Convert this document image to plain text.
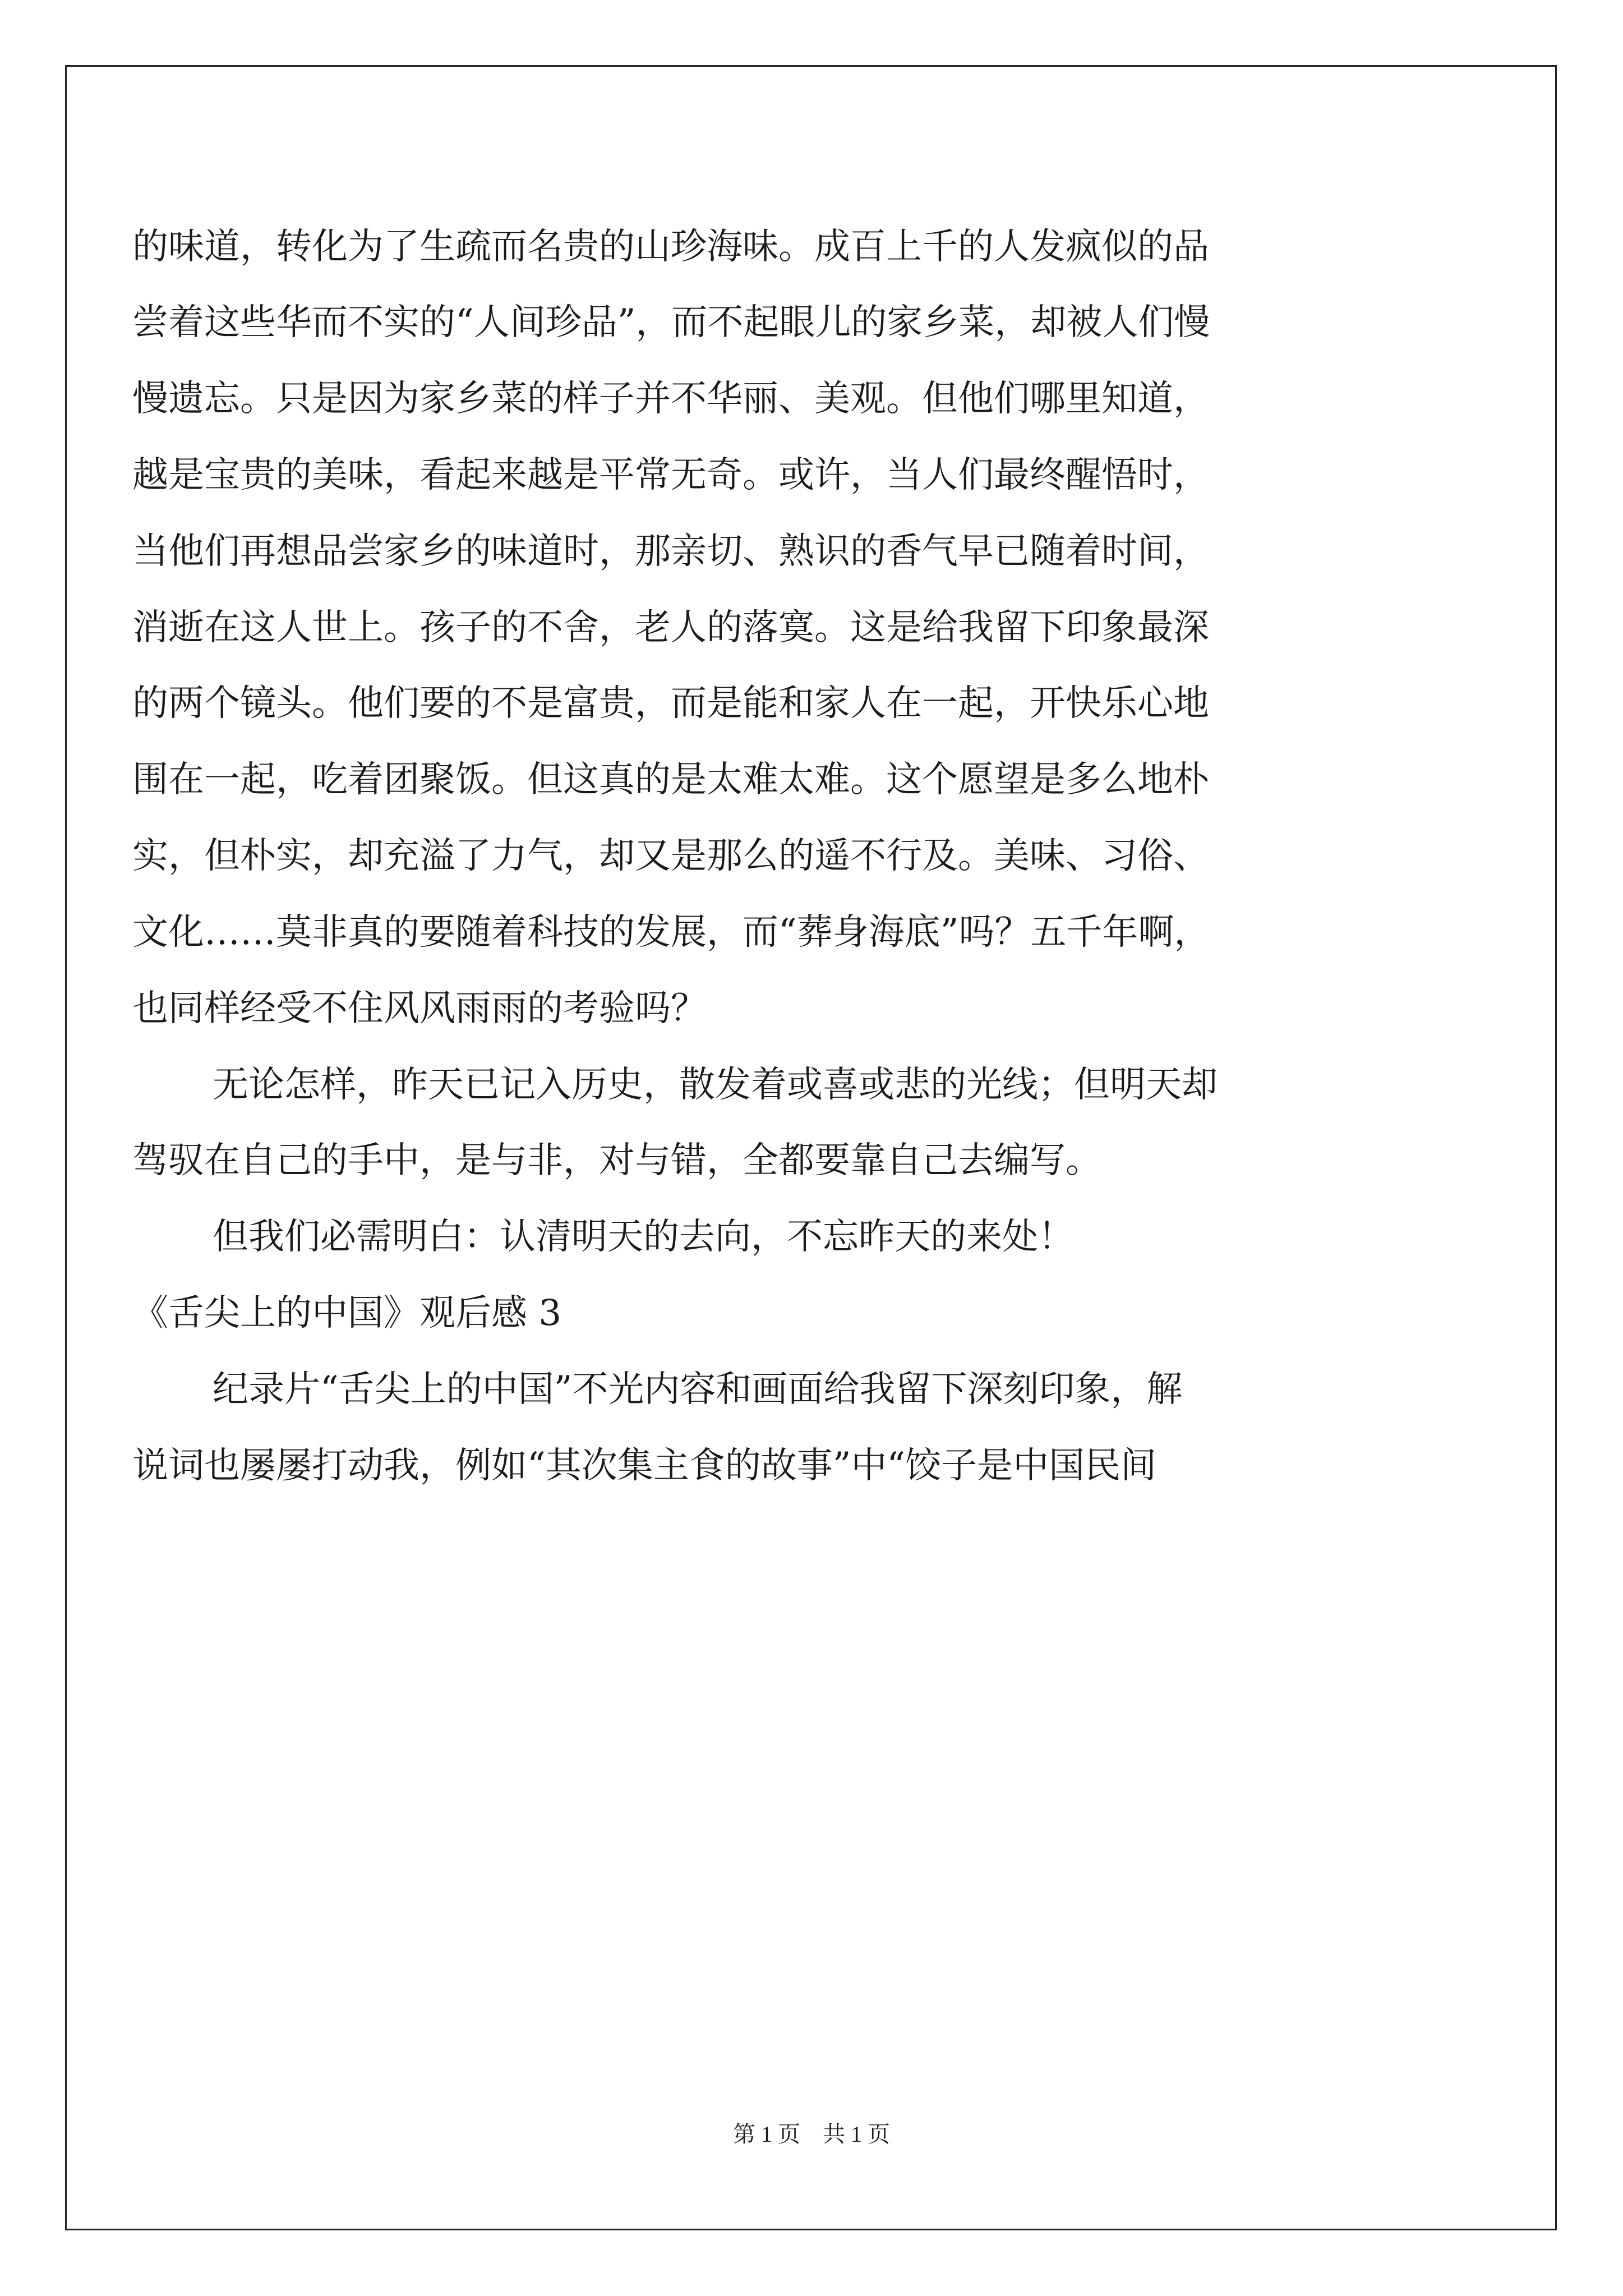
的味道，转化为了生疏而名贵的山珍海味。成百上千的人发疯似的品
尝着这些华而不实的“人间珍品”，而不起眼儿的家乡菜，却被人们慢
慢遗忘。只是因为家乡菜的样子并不华丽、美观。但他们哪里知道，
越是宝贵的美味，看起来越是平常无奇。或许，当人们最终醒悟时，
当他们再想品尝家乡的味道时，那亲切、熟识的香气早已随着时间，
消逝在这人世上。孩子的不舍，老人的落寞。这是给我留下印象最深
的两个镜头。他们要的不是富贵，而是能和家人在一起，开快乐心地
围在一起，吃着团聚饭。但这真的是太难太难。这个愿望是多么地朴
实，但朴实，却充溢了力气，却又是那么的遥不行及。美味、习俗、
文化……莫非真的要随着科技的发展，而“葬身海底”吗？五千年啊，
也同样经受不住风风雨雨的考验吗？
无论怎样，昨天已记入历史，散发着或喜或悲的光线；但明天却
驾驭在自己的手中，是与非，对与错，全都要靠自己去编写。
但我们必需明白：认清明天的去向，不忘昨天的来处！
《舌尖上的中国》观后感 3
纪录片“舌尖上的中国”不光内容和画面给我留下深刻印象，解
说词也屡屡打动我，例如“其次集主食的故事”中“饺子是中国民间
第 1 页 共 1 页
